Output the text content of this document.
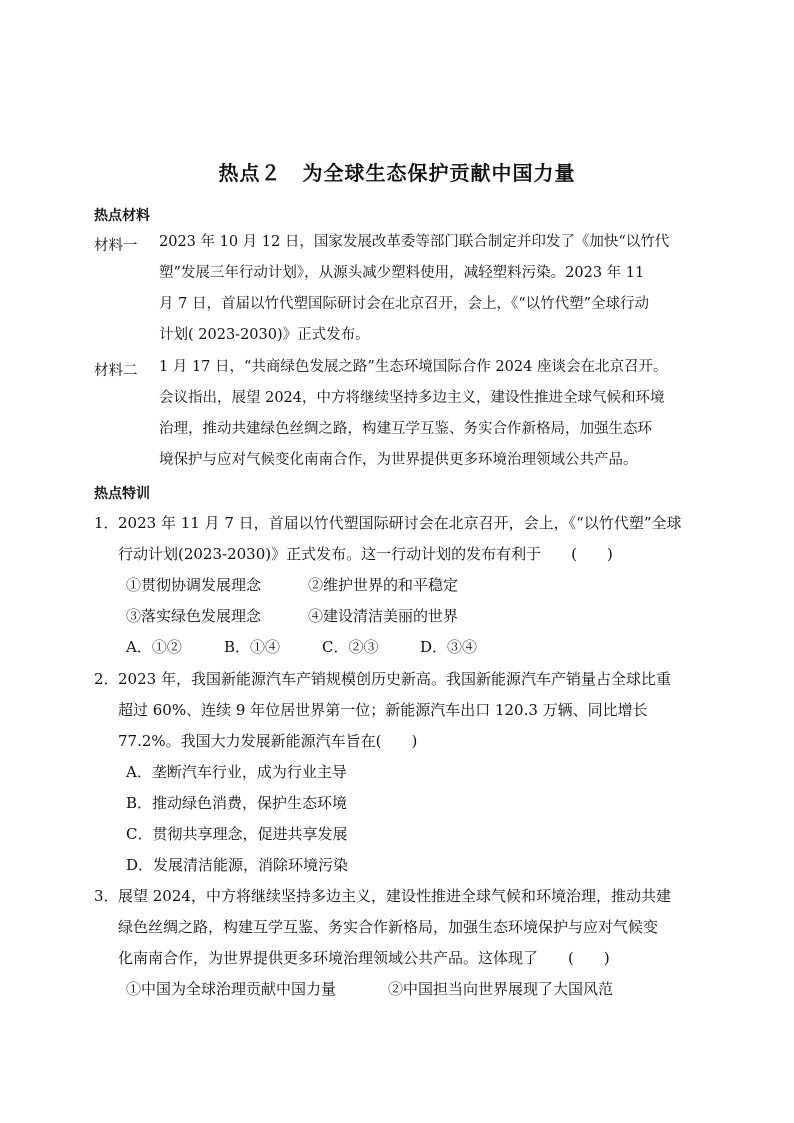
热点２　为全球生态保护贡献中国力量
热点材料
材料一 2023 年 10 月 12 日，国家发展改革委等部门联合制定并印发了《加快“以竹代
塑”发展三年行动计划》，从源头减少塑料使用，减轻塑料污染。2023 年 11
月 7 日，首届以竹代塑国际研讨会在北京召开，会上，《“以竹代塑”全球行动
计划( 2023-2030)》正式发布。
材料二 1 月 17 日，“共商绿色发展之路”生态环境国际合作 2024 座谈会在北京召开。
会议指出，展望 2024，中方将继续坚持多边主义，建设性推进全球气候和环境
治理，推动共建绿色丝绸之路，构建互学互鉴、务实合作新格局，加强生态环
境保护与应对气候变化南南合作，为世界提供更多环境治理领域公共产品。
热点特训
1．2023 年 11 月 7 日，首届以竹代塑国际研讨会在北京召开，会上，《“以竹代塑”全球
行动计划(2023-2030)》正式发布。这一行动计划的发布有利于 (　　)
①贯彻协调发展理念	②维护世界的和平稳定
③落实绿色发展理念	④建设清洁美丽的世界
A．①②	B．①④	C．②③	D．③④
2．2023 年，我国新能源汽车产销规模创历史新高。我国新能源汽车产销量占全球比重
超过 60%、连续 9 年位居世界第一位；新能源汽车出口 120.3 万辆、同比增长
77.2%。我国大力发展新能源汽车旨在(　　)
A．垄断汽车行业，成为行业主导
B．推动绿色消费，保护生态环境
C．贯彻共享理念，促进共享发展
D．发展清洁能源，消除环境污染
3．展望 2024，中方将继续坚持多边主义，建设性推进全球气候和环境治理，推动共建
绿色丝绸之路，构建互学互鉴、务实合作新格局，加强生态环境保护与应对气候变
化南南合作，为世界提供更多环境治理领域公共产品。这体现了 (　　)
①中国为全球治理贡献中国力量	②中国担当向世界展现了大国风范
